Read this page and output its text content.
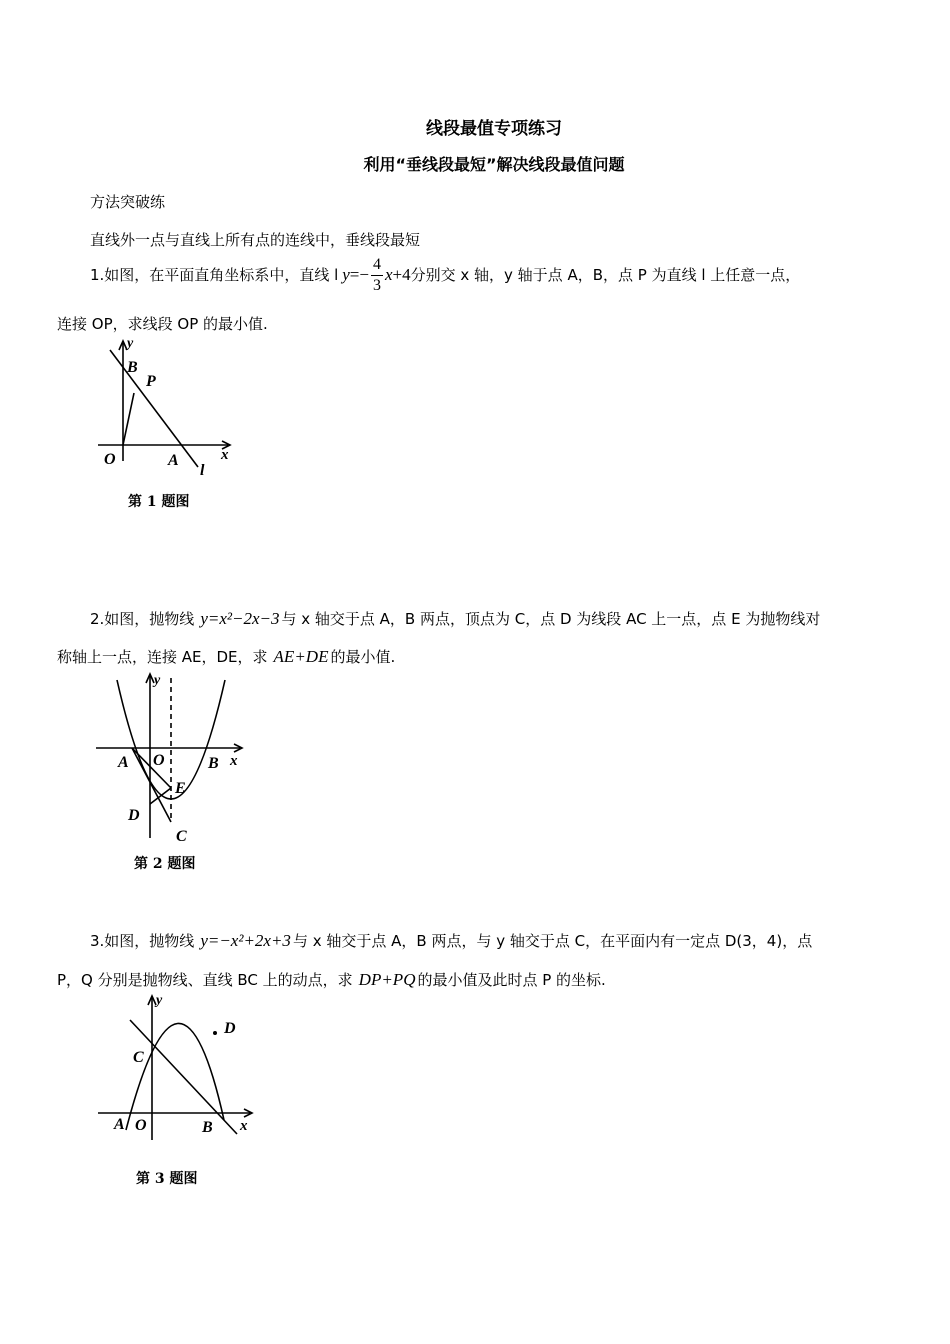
线段最值专项练习
利用“垂线段最短”解决线段最值问题
方法突破练
直线外一点与直线上所有点的连线中，垂线段最短
1.如图，在平面直角坐标系中，直线 l $y =- \frac{4}{3}$ x +4 分别交 x 轴，y 轴于点 A，B，点 P 为直线 l 上任意一点，
连接 OP，求线段 OP 的最小值.
y
B
P
O	A	x
l
第 1 题图
2.如图，抛物线 y=x²−2x−3 与 x 轴交于点 A，B 两点，顶点为 C，点 D 为线段 AC 上一点，点 E 为抛物线对
称轴上一点，连接 AE，DE，求 AE+DE 的最小值.
y
A O	B x
E
D
C
第 2 题图
3.如图，抛物线 y=−x²+2x+3 与 x 轴交于点 A，B 两点，与 y 轴交于点 C，在平面内有一定点 D(3，4)，点
P，Q 分别是抛物线、直线 BC 上的动点，求 DP+PQ 的最小值及此时点 P 的坐标.
y
D
C
A O	B x
第 3 题图
